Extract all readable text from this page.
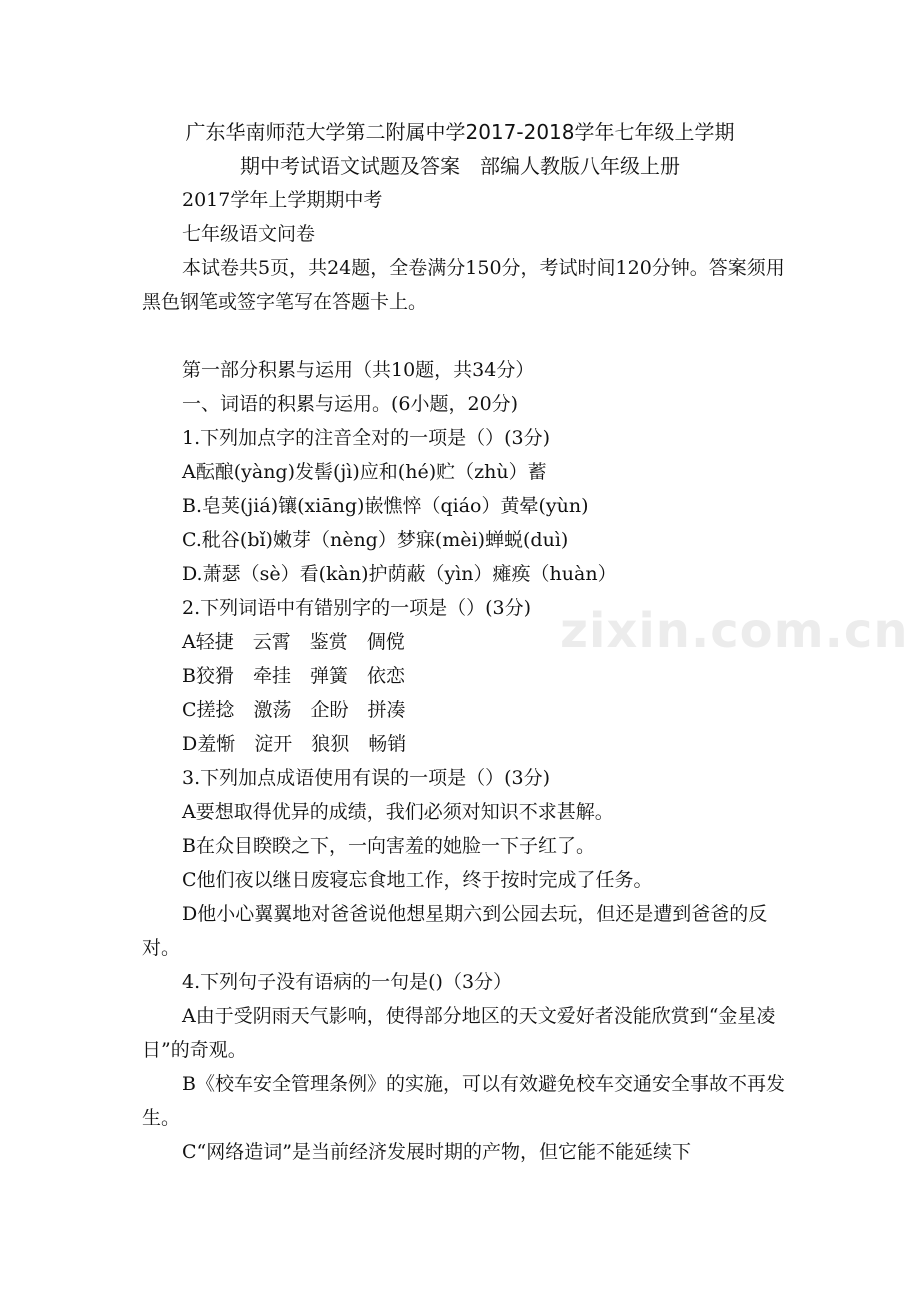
广东华南师范大学第二附属中学2017-2018学年七年级上学期
期中考试语文试题及答案　部编人教版八年级上册

2017学年上学期期中考

七年级语文问卷

本试卷共5页，共24题，全卷满分150分，考试时间120分钟。答案须用黑色钢笔或签字笔写在答题卡上。

第一部分积累与运用（共10题，共34分）

一、词语的积累与运用。(6小题，20分)

1.下列加点字的注音全对的一项是（）(3分)

A酝酿(yàng)发髻(jì)应和(hé)贮（zhù）蓄

B.皂荚(jiá)镶(xiāng)嵌憔悴（qiáo）黄晕(yùn)

C.秕谷(bǐ)嫩芽（nèng）梦寐(mèi)蝉蜕(duì)

D.萧瑟（sè）看(kàn)护荫蔽（yìn）瘫痪（huàn）

2.下列词语中有错别字的一项是（）(3分)

A轻捷　云霄　鉴赏　倜傥

B狡猾　牵挂　弹簧　依恋

C搓捻　激荡　企盼　拼凑

D羞惭　淀开　狼狈　畅销

3.下列加点成语使用有误的一项是（）(3分)

A要想取得优异的成绩，我们必须对知识不求甚解。

B在众目睽睽之下，一向害羞的她脸一下子红了。

C他们夜以继日废寝忘食地工作，终于按时完成了任务。

D他小心翼翼地对爸爸说他想星期六到公园去玩，但还是遭到爸爸的反对。

4.下列句子没有语病的一句是()（3分）

A由于受阴雨天气影响，使得部分地区的天文爱好者没能欣赏到“金星凌日”的奇观。

B《校车安全管理条例》的实施，可以有效避免校车交通安全事故不再发生。

C“网络造词”是当前经济发展时期的产物，但它能不能延续下

zixin.com.cn
